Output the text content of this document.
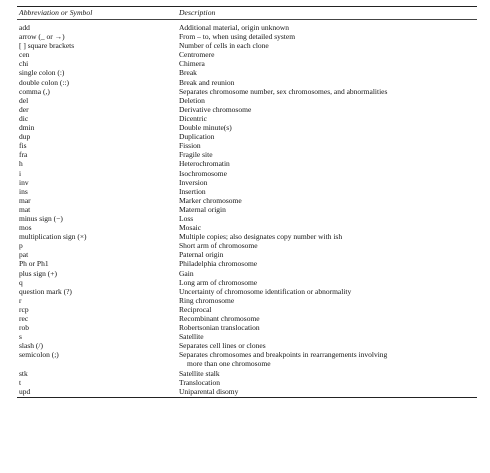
Abbreviation or Symbol	Description
add	Additional material, origin unknown
arrow (_ or →)	From – to, when using detailed system
[ ] square brackets	Number of cells in each clone
cen	Centromere
chi	Chimera
single colon (:)	Break
double colon (::)	Break and reunion
comma (,)	Separates chromosome number, sex chromosomes, and abnormalities
del	Deletion
der	Derivative chromosome
dic	Dicentric
dmin	Double minute(s)
dup	Duplication
fis	Fission
fra	Fragile site
h	Heterochromatin
i	Isochromosome
inv	Inversion
ins	Insertion
mar	Marker chromosome
mat	Maternal origin
minus sign (−)	Loss
mos	Mosaic
multiplication sign (×)	Multiple copies; also designates copy number with ish
p	Short arm of chromosome
pat	Paternal origin
Ph or Ph1	Philadelphia chromosome
plus sign (+)	Gain
q	Long arm of chromosome
question mark (?)	Uncertainty of chromosome identification or abnormality
r	Ring chromosome
rcp	Reciprocal
rec	Recombinant chromosome
rob	Robertsonian translocation
s	Satellite
slash (/)	Separates cell lines or clones
semicolon (;)	Separates chromosomes and breakpoints in rearrangements involving
more than one chromosome
stk	Satellite stalk
t	Translocation
upd	Uniparental disomy
